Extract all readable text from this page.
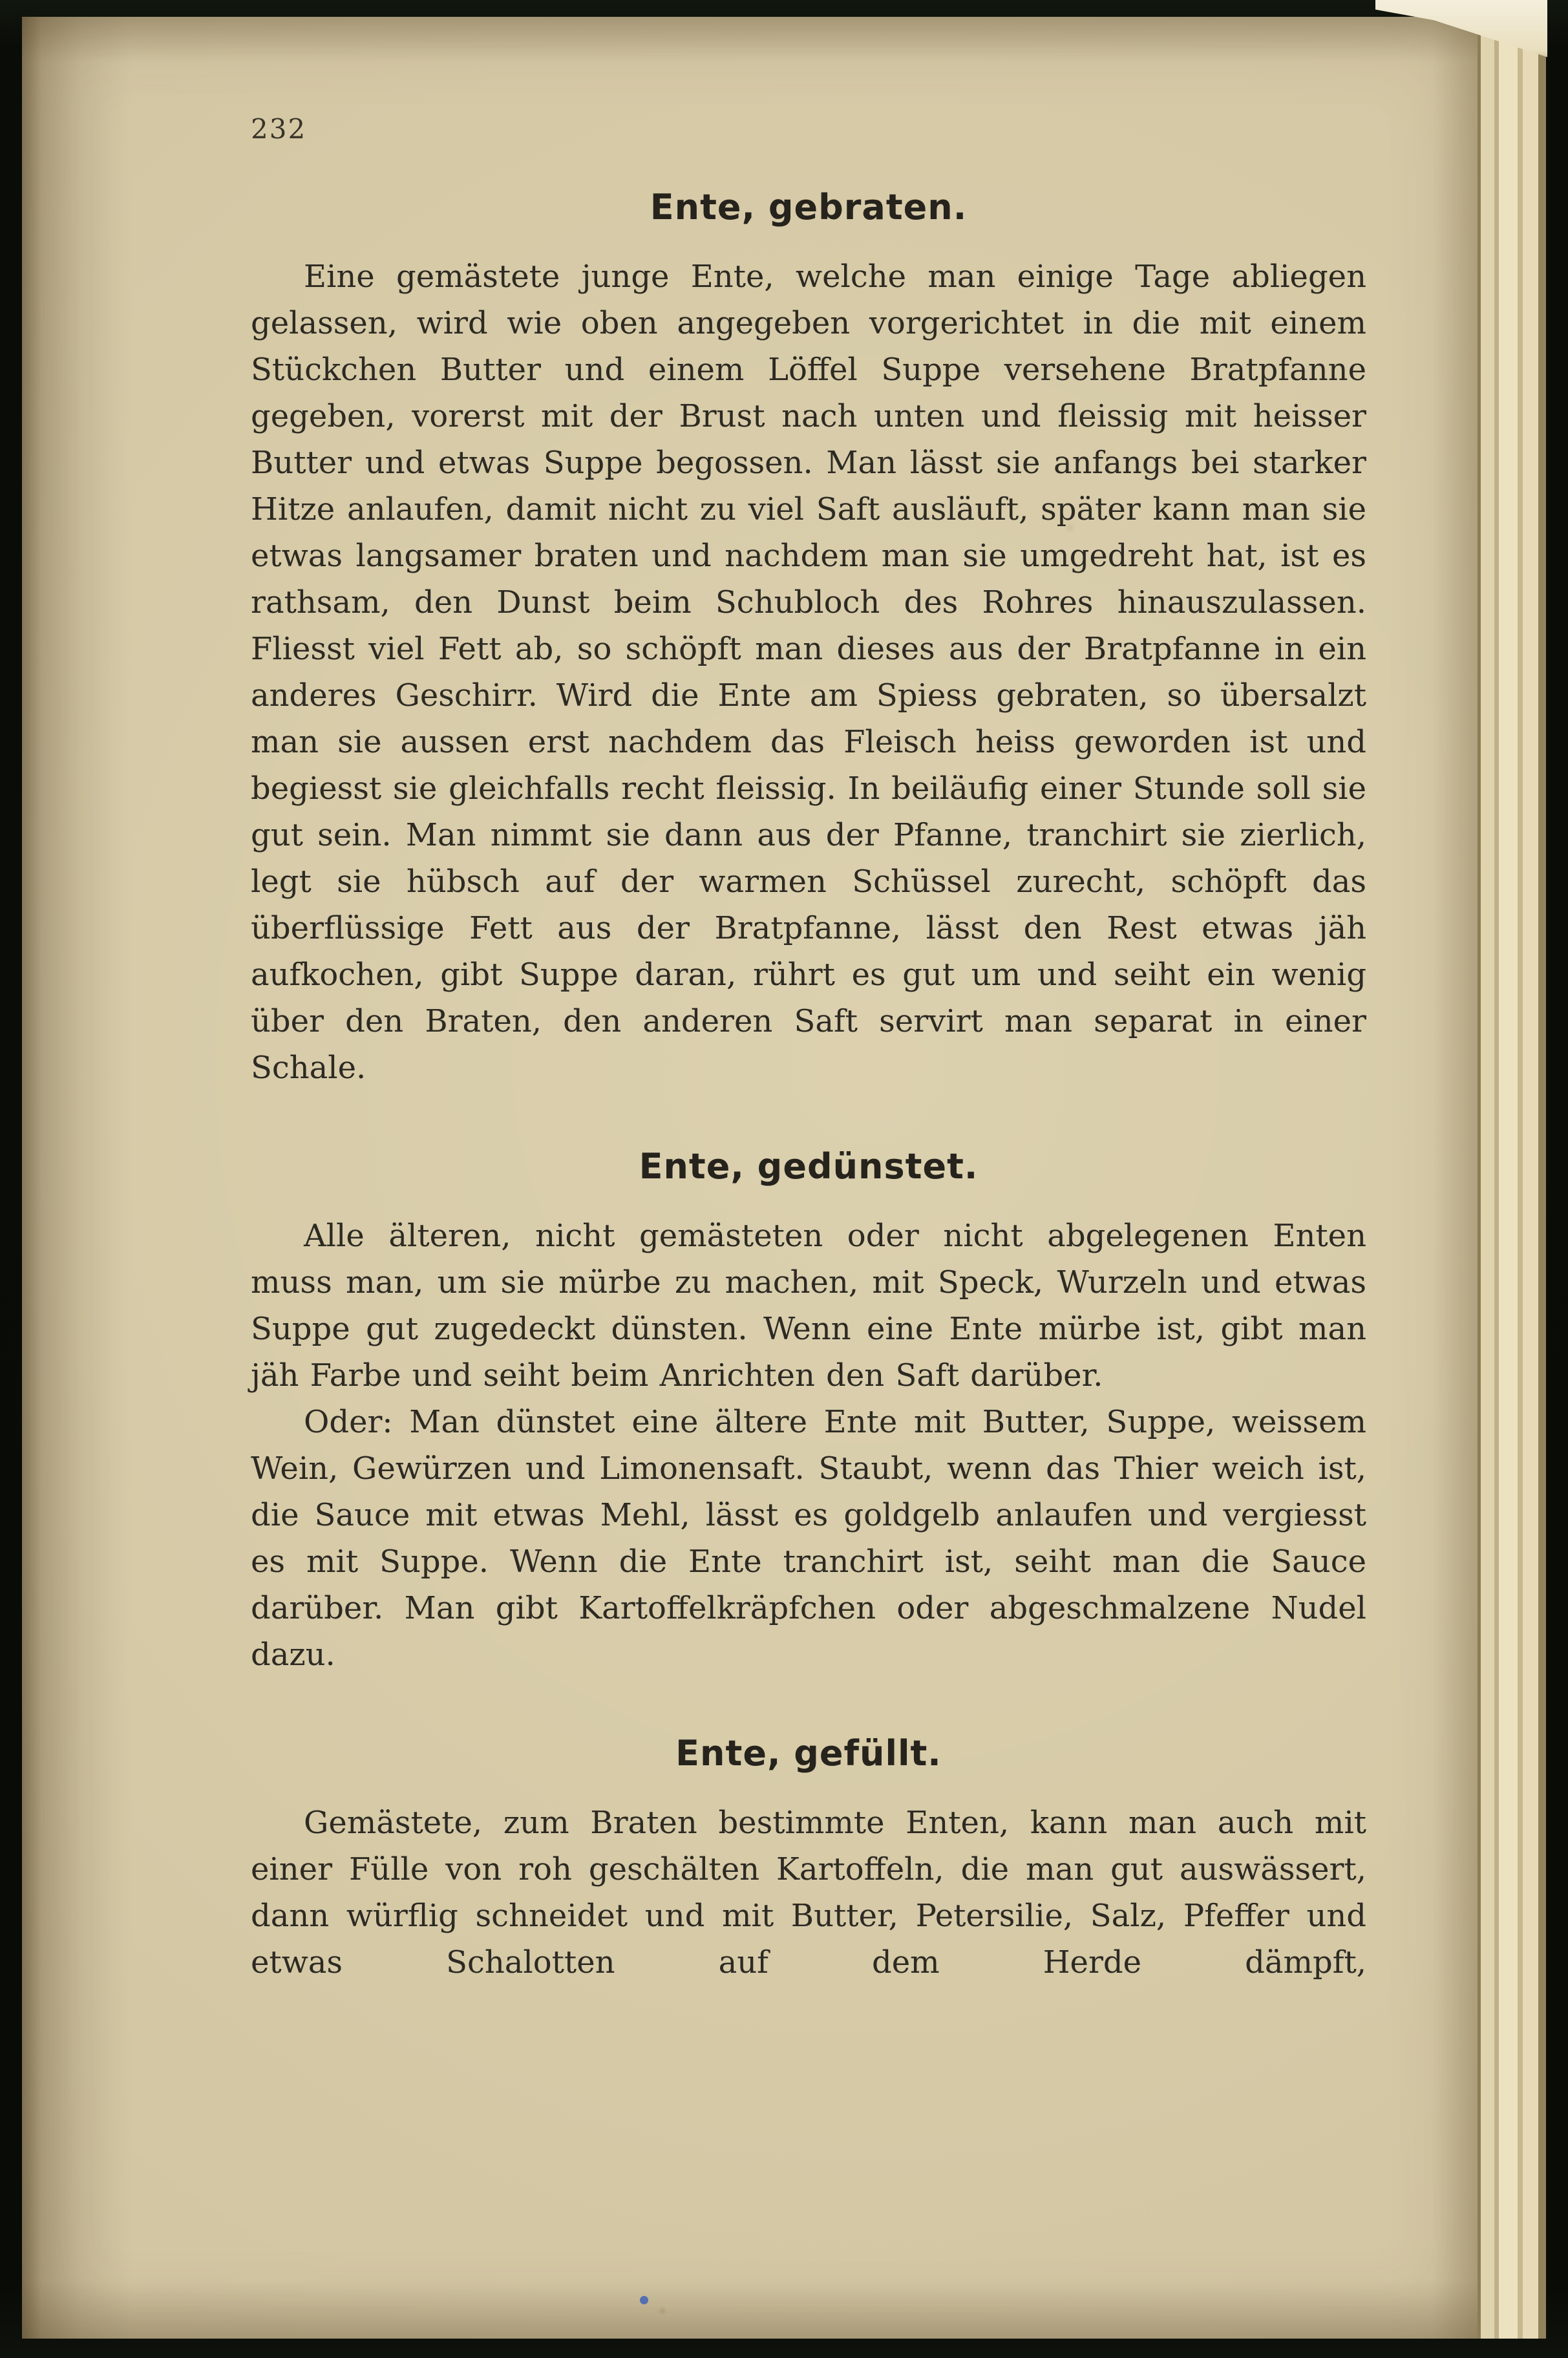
232
Ente, gebraten.

Eine gemästete junge Ente, welche man einige Tage abliegen gelassen, wird wie oben angegeben vorgerichtet in die mit einem Stückchen Butter und einem Löffel Suppe versehene Bratpfanne gegeben, vorerst mit der Brust nach unten und fleissig mit heisser Butter und etwas Suppe begossen. Man lässt sie anfangs bei starker Hitze anlaufen, damit nicht zu viel Saft ausläuft, später kann man sie etwas langsamer braten und nachdem man sie umgedreht hat, ist es rathsam, den Dunst beim Schubloch des Rohres hinauszulassen. Fliesst viel Fett ab, so schöpft man dieses aus der Bratpfanne in ein anderes Geschirr. Wird die Ente am Spiess gebraten, so übersalzt man sie aussen erst nachdem das Fleisch heiss geworden ist und begiesst sie gleichfalls recht fleissig. In beiläufig einer Stunde soll sie gut sein. Man nimmt sie dann aus der Pfanne, tranchirt sie zierlich, legt sie hübsch auf der warmen Schüssel zurecht, schöpft das überflüssige Fett aus der Bratpfanne, lässt den Rest etwas jäh aufkochen, gibt Suppe daran, rührt es gut um und seiht ein wenig über den Braten, den anderen Saft servirt man separat in einer Schale.

Ente, gedünstet.

Alle älteren, nicht gemästeten oder nicht abgelegenen Enten muss man, um sie mürbe zu machen, mit Speck, Wurzeln und etwas Suppe gut zugedeckt dünsten. Wenn eine Ente mürbe ist, gibt man jäh Farbe und seiht beim Anrichten den Saft darüber.

Oder: Man dünstet eine ältere Ente mit Butter, Suppe, weissem Wein, Gewürzen und Limonensaft. Staubt, wenn das Thier weich ist, die Sauce mit etwas Mehl, lässt es goldgelb anlaufen und vergiesst es mit Suppe. Wenn die Ente tranchirt ist, seiht man die Sauce darüber. Man gibt Kartoffelkräpfchen oder abgeschmalzene Nudel dazu.

Ente, gefüllt.

Gemästete, zum Braten bestimmte Enten, kann man auch mit einer Fülle von roh geschälten Kartoffeln, die man gut auswässert, dann würflig schneidet und mit Butter, Petersilie, Salz, Pfeffer und etwas Schalotten auf dem Herde dämpft,
